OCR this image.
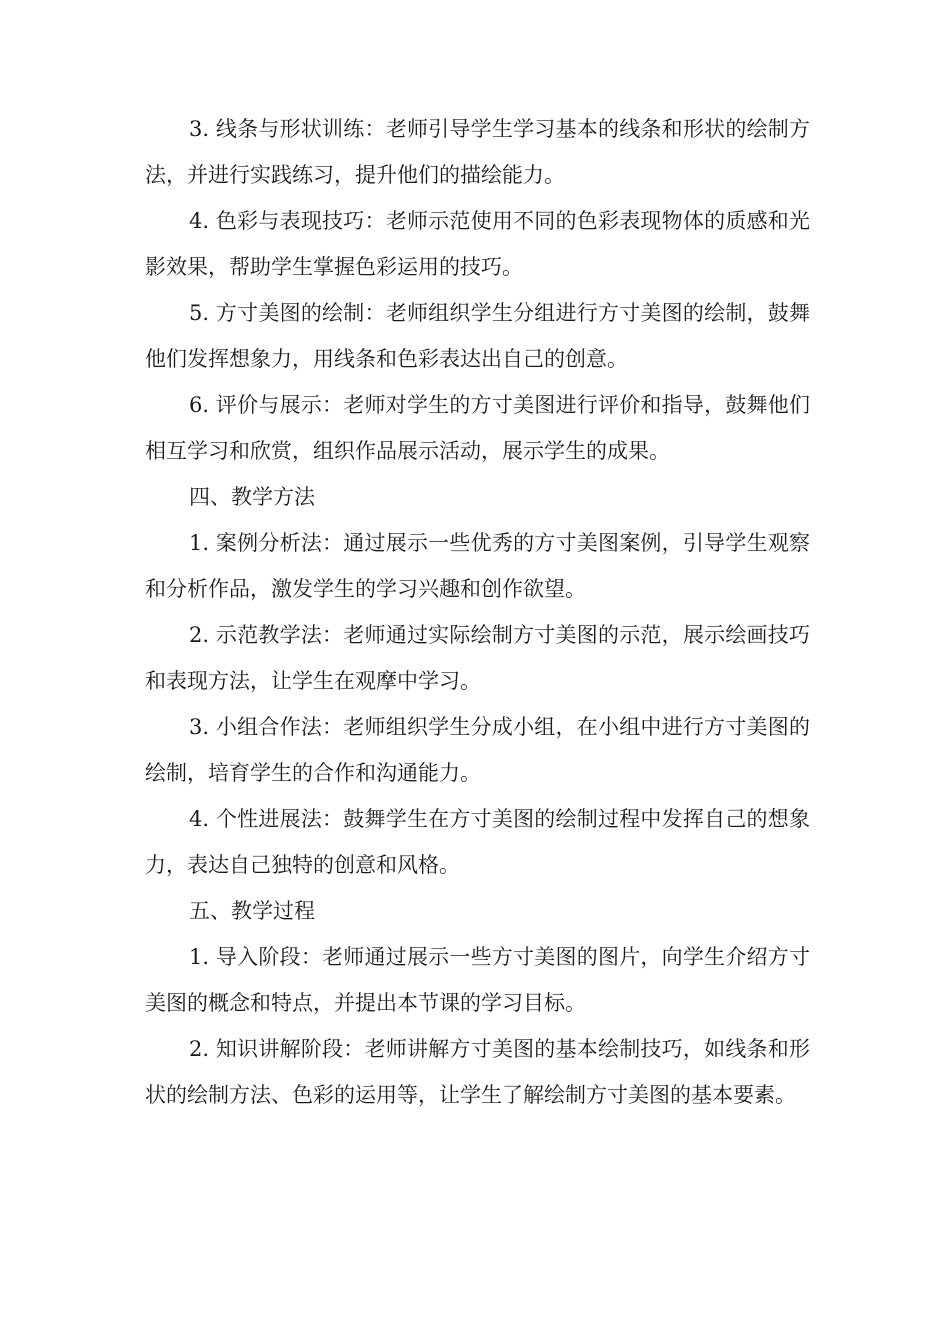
3. 线条与形状训练：老师引导学生学习基本的线条和形状的绘制方法，并进行实践练习，提升他们的描绘能力。

4. 色彩与表现技巧：老师示范使用不同的色彩表现物体的质感和光影效果，帮助学生掌握色彩运用的技巧。

5. 方寸美图的绘制：老师组织学生分组进行方寸美图的绘制，鼓舞他们发挥想象力，用线条和色彩表达出自己的创意。

6. 评价与展示：老师对学生的方寸美图进行评价和指导，鼓舞他们相互学习和欣赏，组织作品展示活动，展示学生的成果。

四、教学方法

1. 案例分析法：通过展示一些优秀的方寸美图案例，引导学生观察和分析作品，激发学生的学习兴趣和创作欲望。

2. 示范教学法：老师通过实际绘制方寸美图的示范，展示绘画技巧和表现方法，让学生在观摩中学习。

3. 小组合作法：老师组织学生分成小组，在小组中进行方寸美图的绘制，培育学生的合作和沟通能力。

4. 个性进展法：鼓舞学生在方寸美图的绘制过程中发挥自己的想象力，表达自己独特的创意和风格。

五、教学过程

1. 导入阶段：老师通过展示一些方寸美图的图片，向学生介绍方寸美图的概念和特点，并提出本节课的学习目标。

2. 知识讲解阶段：老师讲解方寸美图的基本绘制技巧，如线条和形状的绘制方法、色彩的运用等，让学生了解绘制方寸美图的基本要素。
